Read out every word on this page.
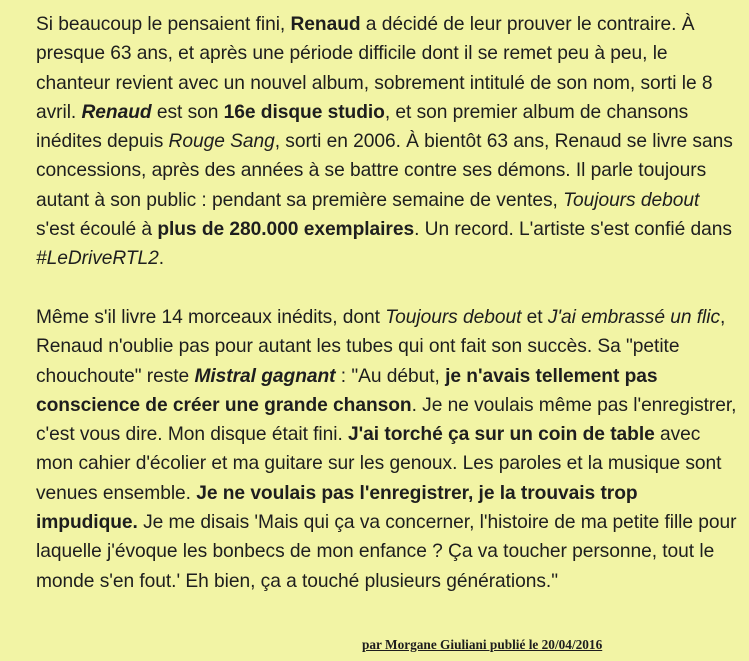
Si beaucoup le pensaient fini, Renaud a décidé de leur prouver le contraire. À presque 63 ans, et après une période difficile dont il se remet peu à peu, le chanteur revient avec un nouvel album, sobrement intitulé de son nom, sorti le 8 avril. Renaud est son 16e disque studio, et son premier album de chansons inédites depuis Rouge Sang, sorti en 2006. À bientôt 63 ans, Renaud se livre sans concessions, après des années à se battre contre ses démons. Il parle toujours autant à son public : pendant sa première semaine de ventes, Toujours debout s'est écoulé à plus de 280.000 exemplaires. Un record. L'artiste s'est confié dans #LeDriveRTL2.

Même s'il livre 14 morceaux inédits, dont Toujours debout et J'ai embrassé un flic, Renaud n'oublie pas pour autant les tubes qui ont fait son succès. Sa "petite chouchoute" reste Mistral gagnant : "Au début, je n'avais tellement pas conscience de créer une grande chanson. Je ne voulais même pas l'enregistrer, c'est vous dire. Mon disque était fini. J'ai torché ça sur un coin de table avec mon cahier d'écolier et ma guitare sur les genoux. Les paroles et la musique sont venues ensemble. Je ne voulais pas l'enregistrer, je la trouvais trop impudique. Je me disais 'Mais qui ça va concerner, l'histoire de ma petite fille pour laquelle j'évoque les bonbecs de mon enfance ? Ça va toucher personne, tout le monde s'en fout.' Eh bien, ça a touché plusieurs générations."

par Morgane Giuliani publié le 20/04/2016
